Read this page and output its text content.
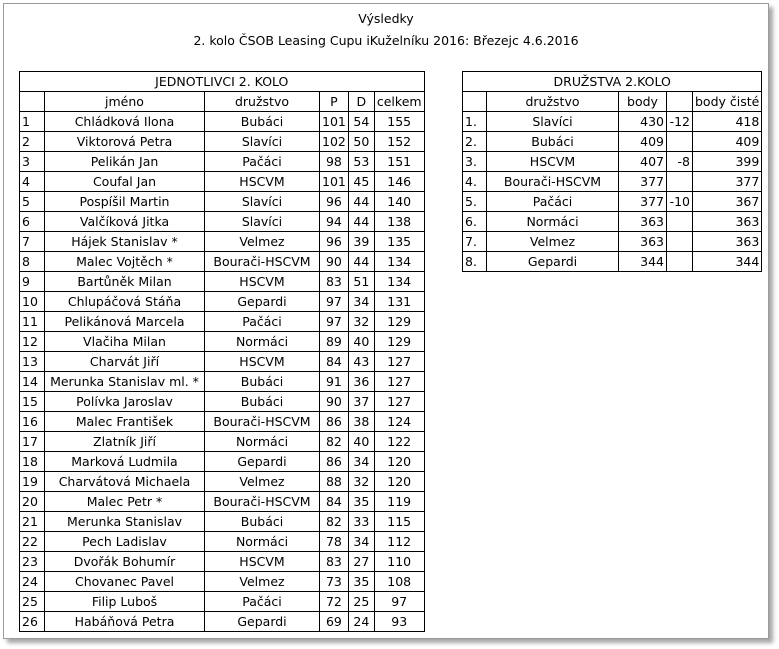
Výsledky
2. kolo ČSOB Leasing Cupu iKuželníku 2016: Březejc 4.6.2016
JEDNOTLIVCI 2. KOLO					
	jméno	družstvo	P	D	celkem
1	Chládková Ilona	Bubáci	101	54	155
2	Viktorová Petra	Slavíci	102	50	152
3	Pelikán Jan	Pačáci	98	53	151
4	Coufal Jan	HSCVM	101	45	146
5	Pospíšil Martin	Slavíci	96	44	140
6	Valčíková Jitka	Slavíci	94	44	138
7	Hájek Stanislav *	Velmez	96	39	135
8	Malec Vojtěch *	Bourači-HSCVM	90	44	134
9	Bartůněk Milan	HSCVM	83	51	134
10	Chlupáčová Stáňa	Gepardi	97	34	131
11	Pelikánová Marcela	Pačáci	97	32	129
12	Vlačiha Milan	Normáci	89	40	129
13	Charvát Jiří	HSCVM	84	43	127
14	Merunka Stanislav ml. *	Bubáci	91	36	127
15	Polívka Jaroslav	Bubáci	90	37	127
16	Malec František	Bourači-HSCVM	86	38	124
17	Zlatník Jiří	Normáci	82	40	122
18	Marková Ludmila	Gepardi	86	34	120
19	Charvátová Michaela	Velmez	88	32	120
20	Malec Petr *	Bourači-HSCVM	84	35	119
21	Merunka Stanislav	Bubáci	82	33	115
22	Pech Ladislav	Normáci	78	34	112
23	Dvořák Bohumír	HSCVM	83	27	110
24	Chovanec Pavel	Velmez	73	35	108
25	Filip Luboš	Pačáci	72	25	97
26	Habáňová Petra	Gepardi	69	24	93
DRUŽSTVA 2.KOLO				
	družstvo	body		body čisté
1.	Slavíci	430	-12	418
2.	Bubáci	409		409
3.	HSCVM	407	-8	399
4.	Bourači-HSCVM	377		377
5.	Pačáci	377	-10	367
6.	Normáci	363		363
7.	Velmez	363		363
8.	Gepardi	344		344
